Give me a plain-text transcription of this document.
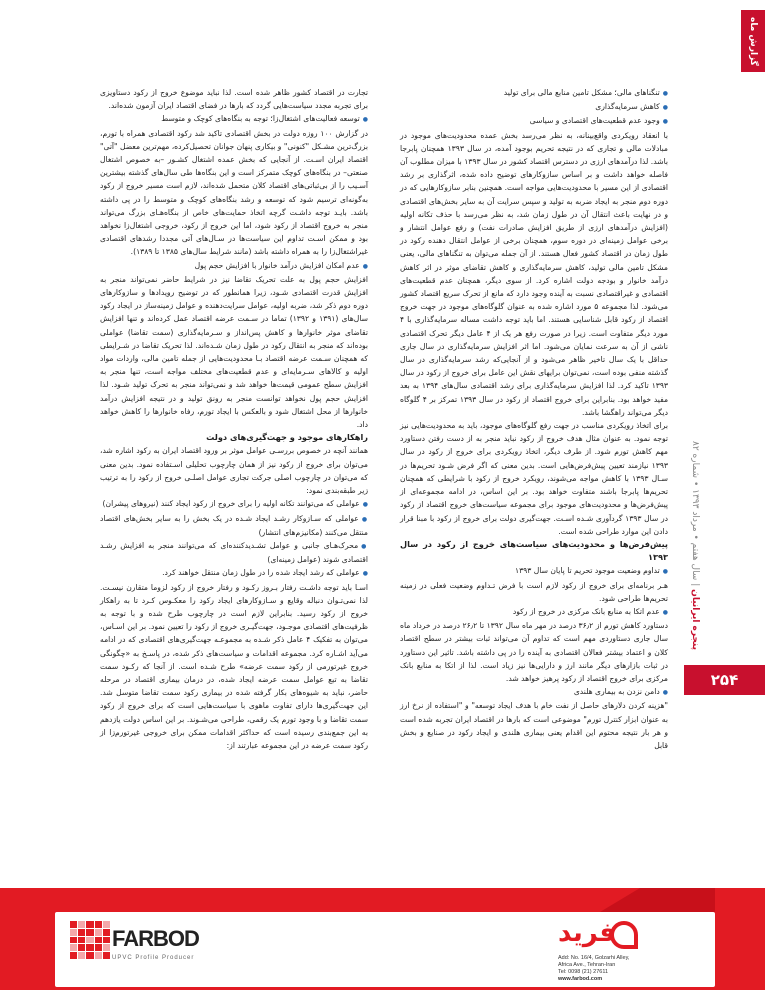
گزارش ماه
پنجره ایرانیان | سال هفتم • مرداد ۱۳۹۳ • شماره ۸۲
۲۵۴

● تنگناهای مالی؛ مشکل تامین منابع مالی برای تولید

● کاهش سرمایه‌گذاری

● وجود عدم قطعیت‌های اقتصادی و سیاسی

با انعقاد رویکردی واقع‌بینانه، به نظر می‌رسد بخش عمده محدودیت‌های موجود در مبادلات مالی و تجاری که در نتیجه تحریم بوجود آمده، در سال ۱۳۹۳ همچنان پابرجا باشد. لذا درآمدهای ارزی در دسترس اقتصاد کشور در سال ۱۳۹۳ با میزان مطلوب آن فاصله خواهد داشت و بر اساس سازوکارهای توضیح داده شده، اثرگذاری بر رشد اقتصادی از این مسیر با محدودیت‌هایی مواجه است. همچنین بنابر سازوکارهایی که در دوره دوم منجر به ایجاد ضربه به تولید و سپس سرایت آن به سایر بخش‌های اقتصادی و در نهایت باعث انتقال آن در طول زمان شد، به نظر می‌رسد با حذف تکانه اولیه (افزایش درآمدهای ارزی از طریق افزایش صادرات نفت) و رفع عوامل انتشار و برخی عوامل زمینه‌ای در دوره سوم، همچنان برخی از عوامل انتقال دهنده رکود در طول زمان در اقتصاد کشور فعال هستند. از آن جمله می‌توان به تنگناهای مالی، یعنی مشکل تامین مالی تولید، کاهش سرمایه‌گذاری و کاهش تقاضای موثر در اثر کاهش درآمد خانوار و بودجه دولت اشاره کرد. از سوی دیگر، همچنان عدم قطعیت‌های اقتصادی و غیراقتصادی نسبت به آینده وجود دارد که مانع از تحرک سریع اقتصاد کشور می‌شود. لذا مجموعه ۵ مورد اشاره شده به عنوان گلوگاه‌های موجود در جهت خروج اقتصاد از رکود قابل شناسایی هستند. اما باید توجه داشت مساله سرمایه‌گذاری با ۴ مورد دیگر متفاوت است. زیرا در صورت رفع هر یک از ۴ عامل دیگر تحرک اقتصادی ناشی از آن به سرعت نمایان می‌شود. اما اثر افزایش سرمایه‌گذاری در سال جاری حداقل با یک سال تاخیر ظاهر می‌شود و از آنجایی‌که رشد سرمایه‌گذاری در سال گذشته منفی بوده است، نمی‌توان برایهای نقش این عامل برای خروج از رکود در سال ۱۳۹۳ تاکید کرد. لذا افزایش سرمایه‌گذاری برای رشد اقتصادی سال‌های ۱۳۹۴ به بعد مفید خواهد بود. بنابراین برای خروج اقتصاد از رکود در سال ۱۳۹۳ تمرکز بر ۴ گلوگاه دیگر می‌تواند راهگشا باشد.

برای اتخاذ رویکردی مناسب در جهت رفع گلوگاه‌های موجود، باید به محدودیت‌هایی نیز توجه نمود. به عنوان مثال هدف خروج از رکود نباید منجر به از دست رفتن دستاورد مهم کاهش تورم شود. از طرف دیگر، اتخاذ رویکردی برای خروج از رکود در سال ۱۳۹۳ نیازمند تعیین پیش‌فرض‌هایی است. بدین معنی که اگر فرض شـود تحریم‌ها در سـال ۱۳۹۳ با کاهش مواجه می‌شوند، رویکرد خروج از رکود با شرایطی که همچنان تحریم‌ها پابرجا باشند متفاوت خواهد بود. بر این اساس، در ادامه مجموعه‌ای از پیش‌فرض‌ها و محدودیت‌های موجود برای مجموعه سیاست‌های خروج اقتصاد از رکود در سال ۱۳۹۳ گردآوری شـده اسـت. جهت‌گیری دولت برای خروج از رکود با مبنا قرار دادن این موارد طراحی شده است.

پیش‌فرض‌ها و محدودیت‌های سیاست‌های خروج از رکود در سال ۱۳۹۳

● تداوم وضعیت موجود تحریم تا پایان سال ۱۳۹۳

هـر برنامه‌ای برای خروج از رکود لازم است با فرض تـداوم وضعیت فعلی در زمینه تحریم‌ها طراحی شود.

● عدم اتکا به منابع بانک مرکزی در خروج از رکود

دستاورد کاهش تورم از ۳۶٫۲ درصد در مهر ماه سال ۱۳۹۲ تا ۲۶٫۲ درصد در خرداد ماه سال جاری دستاوردی مهم است که تداوم آن می‌تواند ثبات بیشتر در سطح اقتصاد کلان و اعتماد بیشتر فعالان اقتصادی به آینده را در پی داشته باشد. تاثیر این دستاورد در ثبات بازارهای دیگر مانند ارز و دارایی‌ها نیز زیاد است. لذا از اتکا به منابع بانک مرکزی برای خروج اقتصاد از رکود پرهیز خواهد شد.

● دامن نزدن به بیماری هلندی

"هزینه کردن دلارهای حاصل از نفت خام با هدف ایجاد توسعه" و "استفاده از نرخ ارز به عنوان ابزار کنترل تورم" موضوعی است که بارها در اقتصاد ایران تجربه شده است و هر بار نتیجه محتوم این اقدام یعنی بیماری هلندی و ایجاد رکود در صنایع و بخش قابل

تجارت در اقتصاد کشور ظاهر شده است. لذا نباید موضوع خروج از رکود دستاویزی برای تجربه مجدد سیاست‌هایی گردد که بارها در فضای اقتصاد ایران آزمون شده‌اند.

● توسعه فعالیت‌های اشتغال‌زا؛ توجه به بنگاه‌های کوچک و متوسط

در گزارش ۱۰۰ روزه دولت در بخش اقتصادی تاکید شد رکود اقتصادی همراه با تورم، بزرگ‌ترین مشـکل "کنونی" و بیکاری پنهان جوانان تحصیل‌کرده، مهم‌ترین معضل "آتی" اقتصاد ایران اسـت. از آنجایی که بخش عمده اشتغال کشـور –به خصوص اشتغال صنعتی– در بنگاه‌های کوچک متمرکز است و این بنگاه‌ها طی سال‌های گذشته بیشترین آسـیب را از بی‌ثباتی‌های اقتصاد کلان متحمل شده‌اند، لازم است مسیر خروج از رکود به‌گونه‌ای ترسیم شود که توسعه و رشد بنگاه‌های کوچک و متوسط را در پی داشته باشد. بایـد توجه داشـت گرچه اتخاذ حمایت‌های خاص از بنگاه‌هـای بزرگ می‌تواند منجر به خروج اقتصاد از رکود شود، اما این خروج از رکود، خروجی اشتغال‌زا نخواهد بود و ممکن اسـت تداوم این سیاست‌ها در سـال‌های آتی مجددا رشدهای اقتصادی غیراشتغال‌زا را به همراه داشته باشد (مانند شرایط سال‌های ۱۳۸۵ تا ۱۳۸۹).

● عدم امکان افزایش درآمد خانوار با افزایش حجم پول

افزایش حجم پول به علت تحریک تقاضا نیز در شرایط حاضر نمی‌تواند منجر به افزایش قدرت اقتصادی شـود، زیرا همانطور که در توضیح رویدادها و سازوکارهای دوره دوم ذکر شد، ضربه اولیه، عوامل سرایت‌دهنده و عوامل زمینه‌ساز در ایجاد رکود سال‌های (۱۳۹۱ و ۱۳۹۲) تماما در سـمت عرضه اقتصاد عمل کرده‌اند و تنها افزایش تقاضای موثر خانوارها و کاهش پس‌انداز و سـرمایه‌گذاری (سمت تقاضا) عواملی بوده‌اند که منجر به انتقال رکود در طول زمان شـده‌اند. لذا تحریک تقاضا در شـرایطی که همچنان سـمت عرضه اقتصاد بـا محدودیت‌هایی از جمله تامین مالی، واردات مواد اولیه و کالاهای سـرمایه‌ای و عدم قطعیت‌های مختلف مواجه است، تنها منجر به افزایش سطح عمومی قیمت‌ها خواهد شد و نمی‌تواند منجر به تحرک تولید شـود. لذا افزایش حجم پول نخواهد توانست منجر به رونق تولید و در نتیجه افزایش درآمد خانوارها از محل اشتغال شود و بالعکس با ایجاد تورم، رفاه خانوارها را کاهش خواهد داد.

راهکارهای موجود و جهت‌گیری‌های دولت

همانند آنچه در خصوص بررسـی عوامل موثر بر ورود اقتصاد ایران به رکود اشاره شد، می‌توان برای خروج از رکود نیز از همان چارچوب تحلیلی اسـتفاده نمود. بدین معنی که می‌توان در چارچوب اصلی جرکت تجاری عوامل اصلـی خروج از رکود را به ترتیب زیر طبقه‌بندی نمود:

● عواملی که می‌توانند تکانه اولیه را برای خروج از رکود ایجاد کنند (نیروهای پیشران)

● عواملی که سـازوکار رشـد ایجاد شـده در یک بخش را به سایر بخش‌های اقتصاد منتقل می‌کنند (مکانیزم‌های انتشار)

● محرک‌هـای جانبی و عوامل تشـدیدکننده‌ای که می‌توانند منجر به افزایش رشـد اقتصادی شوند (عوامل زمینه‌ای)

● عواملی که رشد ایجاد شده را در طول زمان منتقل خواهند کرد.

اسـا باید توجه داشـت رفتار بـروز رکـود و رفتار خروج از رکود لزوما متقارن نیسـت. لذا نمی‌تـوان دنباله وقایع و سـازوکارهای ایجاد رکود را معکـوس کـرد تا به راهکار خروج از رکود رسید. بنابراین لازم است در چارچوب طرح شده و با توجه به ظرفیت‌های اقتصادی موجـود، جهت‌گیـری خروج از رکود را تعیین نمود. بر این اسـاس، می‌توان به تفکیک ۴ عامل ذکر شـده به مجموعـه جهت‌گیری‌های اقتصادی که در ادامه می‌آید اشـاره کرد. مجموعه اقدامات و سیاست‌های ذکر شده، در پاسـخ به «چگونگی خروج غیرتورمی از رکود سمت عرضه» طرح شـده است. از آنجا که رکـود سمت تقاضا به تبع عوامل سمت عرضه ایجاد شده، در درمان بیماری اقتصاد در مرحله حاضر، نباید به شیوه‌های بکار گرفته شده در بیماری رکود سمت تقاضا متوسل شد. این جهت‌گیری‌ها دارای تفاوت ماهوی با سیاست‌هایی است که برای خروج از رکود سمت تقاضا و با وجود تورم یک رقمی، طراحی می‌شـوند. بر این اساس دولت یازدهم به این جمع‌بندی رسیده است که حداکثر اقدامات ممکن برای خروجی غیرتورم‌زا از رکود سمت عرضه در این مجموعه عبارتند از:

FARBOD
UPVC Profile Producer
فرید
Add: No. 16/4, Golzarhi Alley,
Africa Ave., Tehran-Iran
Tel: 0098 (21) 27611
www.farbod.com
